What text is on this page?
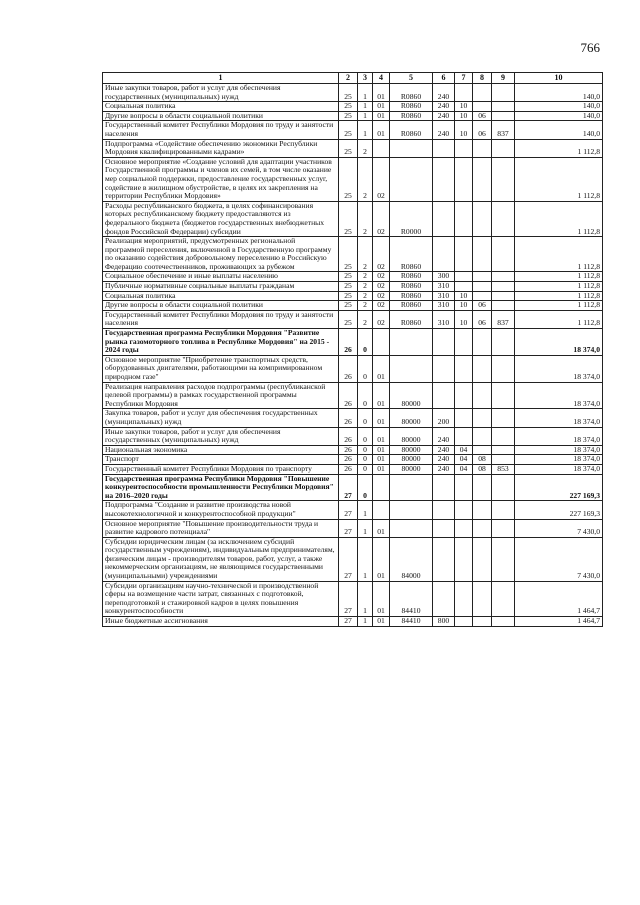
766
1	2	3	4	5	6	7	8	9	10
Иные закупки товаров, работ и услуг для обеспечения государственных (муниципальных) нужд	25	1	01	R0860	240				140,0
Социальная политика	25	1	01	R0860	240	10			140,0
Другие вопросы в области социальной политики	25	1	01	R0860	240	10	06		140,0
Государственный комитет Республики Мордовия по труду и занятости населения	25	1	01	R0860	240	10	06	837	140,0
Подпрограмма «Содействие обеспечению экономики Республики Мордовия квалифицированными кадрами»	25	2							1 112,8
Основное мероприятие «Создание условий для адаптации участников Государственной программы и членов их семей, в том числе оказание мер социальной поддержки, предоставление государственных услуг, содействие в жилищном обустройстве, в целях их закрепления на территории Республики Мордовия»	25	2	02						1 112,8
Расходы республиканского бюджета, в целях софинансирования которых республиканскому бюджету предоставляются из федерального бюджета (бюджетов государственных внебюджетных фондов Российской Федерации) субсидии	25	2	02	R0000					1 112,8
Реализация мероприятий, предусмотренных региональной программой переселения, включенной в Государственную программу по оказанию содействия добровольному переселению в Российскую Федерацию соотечественников, проживающих за рубежом	25	2	02	R0860					1 112,8
Социальное обеспечение и иные выплаты населению	25	2	02	R0860	300				1 112,8
Публичные нормативные социальные выплаты гражданам	25	2	02	R0860	310				1 112,8
Социальная политика	25	2	02	R0860	310	10			1 112,8
Другие вопросы в области социальной политики	25	2	02	R0860	310	10	06		1 112,8
Государственный комитет Республики Мордовия по труду и занятости населения	25	2	02	R0860	310	10	06	837	1 112,8
Государственная программа Республики Мордовия "Развитие рынка газомоторного топлива в Республике Мордовия" на 2015 - 2024 годы	26	0							18 374,0
Основное мероприятие "Приобретение транспортных средств, оборудованных двигателями, работающими на компримированном природном газе"	26	0	01						18 374,0
Реализация направления расходов подпрограммы (республиканской целевой программы) в рамках государственной программы Республики Мордовия	26	0	01	80000					18 374,0
Закупка товаров, работ и услуг для обеспечения государственных (муниципальных) нужд	26	0	01	80000	200				18 374,0
Иные закупки товаров, работ и услуг для обеспечения государственных (муниципальных) нужд	26	0	01	80000	240				18 374,0
Национальная экономика	26	0	01	80000	240	04			18 374,0
Транспорт	26	0	01	80000	240	04	08		18 374,0
Государственный комитет Республики Мордовия по транспорту	26	0	01	80000	240	04	08	853	18 374,0
Государственная программа Республики Мордовия "Повышение конкурентоспособности промышленности Республики Мордовия" на 2016–2020 годы	27	0							227 169,3
Подпрограмма "Создание и развитие производства новой высокотехнологичной и конкурентоспособной продукции"	27	1							227 169,3
Основное мероприятие "Повышение производительности труда и развитие кадрового потенциала"	27	1	01						7 430,0
Субсидии юридическим лицам (за исключением субсидий государственным учреждениям), индивидуальным предпринимателям, физическим лицам - производителям товаров, работ, услуг, а также некоммерческим организациям, не являющимся государственными (муниципальными) учреждениями	27	1	01	84000					7 430,0
Субсидии организациям научно-технической и производственной сферы на возмещение части затрат, связанных с подготовкой, переподготовкой и стажировкой кадров в целях повышения конкурентоспособности	27	1	01	84410					1 464,7
Иные бюджетные ассигнования	27	1	01	84410	800				1 464,7
